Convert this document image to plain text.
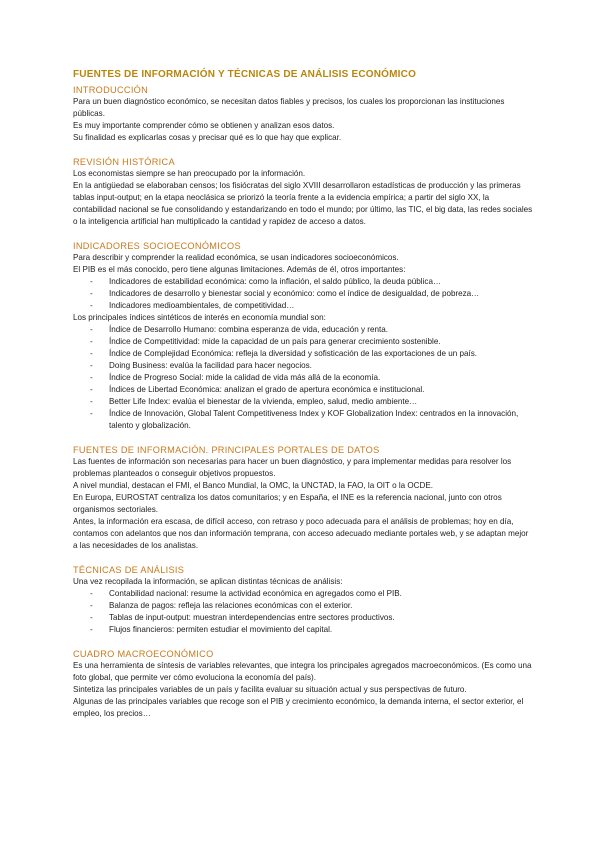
FUENTES DE INFORMACIÓN Y TÉCNICAS DE ANÁLISIS ECONÓMICO
INTRODUCCIÓN

Para un buen diagnóstico económico, se necesitan datos fiables y precisos, los cuales los proporcionan las instituciones públicas.

Es muy importante comprender cómo se obtienen y analizan esos datos.

Su finalidad es explicarlas cosas y precisar qué es lo que hay que explicar.

REVISIÓN HISTÓRICA

Los economistas siempre se han preocupado por la información.

En la antigüedad se elaboraban censos; los fisiócratas del siglo XVIII desarrollaron estadísticas de producción y las primeras tablas input-output; en la etapa neoclásica se priorizó la teoría frente a la evidencia empírica; a partir del siglo XX, la contabilidad nacional se fue consolidando y estandarizando en todo el mundo; por último, las TIC, el big data, las redes sociales o la inteligencia artificial han multiplicado la cantidad y rapidez de acceso a datos.

INDICADORES SOCIOECONÓMICOS

Para describir y comprender la realidad económica, se usan indicadores socioeconómicos.

El PIB es el más conocido, pero tiene algunas limitaciones. Además de él, otros importantes:

- Indicadores de estabilidad económica: como la inflación, el saldo público, la deuda pública…
- Indicadores de desarrollo y bienestar social y económico: como el índice de desigualdad, de pobreza…
- Indicadores medioambientales, de competitividad…

Los principales índices sintéticos de interés en economía mundial son:

- Índice de Desarrollo Humano: combina esperanza de vida, educación y renta.
- Índice de Competitividad: mide la capacidad de un país para generar crecimiento sostenible.
- Índice de Complejidad Económica: refleja la diversidad y sofisticación de las exportaciones de un país.
- Doing Business: evalúa la facilidad para hacer negocios.
- Índice de Progreso Social: mide la calidad de vida más allá de la economía.
- Índices de Libertad Económica: analizan el grado de apertura económica e institucional.
- Better Life Index: evalúa el bienestar de la vivienda, empleo, salud, medio ambiente…
- Índice de Innovación, Global Talent Competitiveness Index y KOF Globalization Index: centrados en la innovación, talento y globalización.
FUENTES DE INFORMACIÓN. PRINCIPALES PORTALES DE DATOS

Las fuentes de información son necesarias para hacer un buen diagnóstico, y para implementar medidas para resolver los problemas planteados o conseguir objetivos propuestos.

A nivel mundial, destacan el FMI, el Banco Mundial, la OMC, la UNCTAD, la FAO, la OIT o la OCDE.

En Europa, EUROSTAT centraliza los datos comunitarios; y en España, el INE es la referencia nacional, junto con otros organismos sectoriales.

Antes, la información era escasa, de difícil acceso, con retraso y poco adecuada para el análisis de problemas; hoy en día, contamos con adelantos que nos dan información temprana, con acceso adecuado mediante portales web, y se adaptan mejor a las necesidades de los analistas.

TÉCNICAS DE ANÁLISIS

Una vez recopilada la información, se aplican distintas técnicas de análisis:

- Contabilidad nacional: resume la actividad económica en agregados como el PIB.
- Balanza de pagos: refleja las relaciones económicas con el exterior.
- Tablas de input-output: muestran interdependencias entre sectores productivos.
- Flujos financieros: permiten estudiar el movimiento del capital.
CUADRO MACROECONÓMICO

Es una herramienta de síntesis de variables relevantes, que integra los principales agregados macroeconómicos. (Es como una foto global, que permite ver cómo evoluciona la economía del país).

Sintetiza las principales variables de un país y facilita evaluar su situación actual y sus perspectivas de futuro.

Algunas de las principales variables que recoge son el PIB y crecimiento económico, la demanda interna, el sector exterior, el empleo, los precios…
